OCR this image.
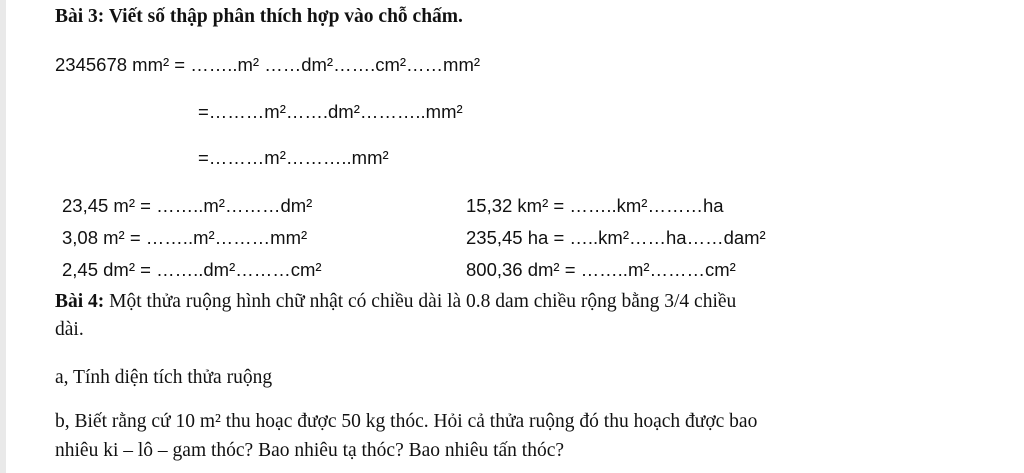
Bài 3: Viết số thập phân thích hợp vào chỗ chấm.
2345678 mm² = ……..m² ……dm²…….cm²……mm²
=………m²…….dm²………..mm²
=………m²………..mm²
23,45 m² = ……..m²………dm²
3,08 m² = ……..m²………mm²
2,45 dm² = ……..dm²………cm²
15,32 km² = ……..km²………ha
235,45 ha = …..km²……ha……dam²
800,36 dm² = ……..m²………cm²
Bài 4: Một thửa ruộng hình chữ nhật có chiều dài là 0.8 dam chiều rộng bằng 3/4 chiều
dài.
a, Tính diện tích thửa ruộng
b, Biết rằng cứ 10 m² thu hoạc được 50 kg thóc. Hỏi cả thửa ruộng đó thu hoạch được bao
nhiêu ki – lô – gam thóc? Bao nhiêu tạ thóc? Bao nhiêu tấn thóc?
